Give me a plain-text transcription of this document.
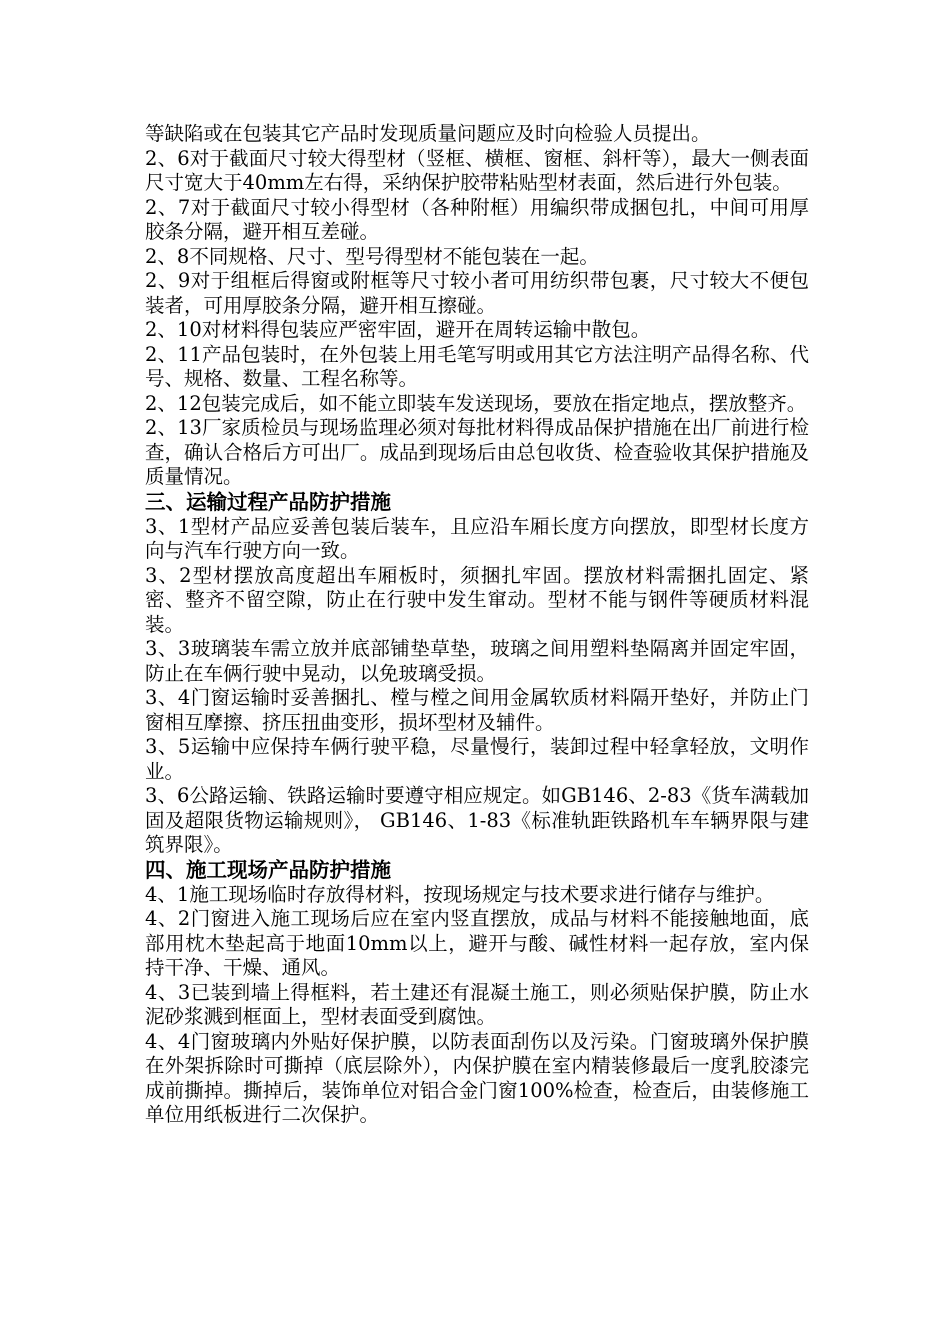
等缺陷或在包装其它产品时发现质量问题应及时向检验人员提出。

2、6对于截面尺寸较大得型材（竖框、横框、窗框、斜杆等），最大一侧表面尺寸宽大于40mm左右得，采纳保护胶带粘贴型材表面，然后进行外包装。

2、7对于截面尺寸较小得型材（各种附框）用编织带成捆包扎，中间可用厚胶条分隔，避开相互差碰。

2、8不同规格、尺寸、型号得型材不能包装在一起。

2、9对于组框后得窗或附框等尺寸较小者可用纺织带包裹，尺寸较大不便包装者，可用厚胶条分隔，避开相互擦碰。

2、10对材料得包装应严密牢固，避开在周转运输中散包。

2、11产品包装时，在外包装上用毛笔写明或用其它方法注明产品得名称、代号、规格、数量、工程名称等。

2、12包装完成后，如不能立即装车发送现场，要放在指定地点，摆放整齐。

2、13厂家质检员与现场监理必须对每批材料得成品保护措施在出厂前进行检查，确认合格后方可出厂。成品到现场后由总包收货、检查验收其保护措施及质量情况。

三、运输过程产品防护措施

3、1型材产品应妥善包装后装车，且应沿车厢长度方向摆放，即型材长度方向与汽车行驶方向一致。

3、2型材摆放高度超出车厢板时，须捆扎牢固。摆放材料需捆扎固定、紧密、整齐不留空隙，防止在行驶中发生窜动。型材不能与钢件等硬质材料混装。

3、3玻璃装车需立放并底部铺垫草垫，玻璃之间用塑料垫隔离并固定牢固，防止在车俩行驶中晃动，以免玻璃受损。

3、4门窗运输时妥善捆扎、樘与樘之间用金属软质材料隔开垫好，并防止门窗相互摩擦、挤压扭曲变形，损坏型材及辅件。

3、5运输中应保持车俩行驶平稳，尽量慢行，装卸过程中轻拿轻放，文明作业。

3、6公路运输、铁路运输时要遵守相应规定。如GB146、2-83《货车满载加固及超限货物运输规则》， GB146、1-83《标准轨距铁路机车车辆界限与建筑界限》。

四、施工现场产品防护措施

4、1施工现场临时存放得材料，按现场规定与技术要求进行储存与维护。

4、2门窗进入施工现场后应在室内竖直摆放，成品与材料不能接触地面，底部用枕木垫起高于地面10mm以上，避开与酸、碱性材料一起存放，室内保持干净、干燥、通风。

4、3已装到墙上得框料，若土建还有混凝土施工，则必须贴保护膜，防止水泥砂浆溅到框面上，型材表面受到腐蚀。

4、4门窗玻璃内外贴好保护膜，以防表面刮伤以及污染。门窗玻璃外保护膜在外架拆除时可撕掉（底层除外），内保护膜在室内精装修最后一度乳胶漆完成前撕掉。撕掉后，装饰单位对铝合金门窗100%检查，检查后，由装修施工单位用纸板进行二次保护。
